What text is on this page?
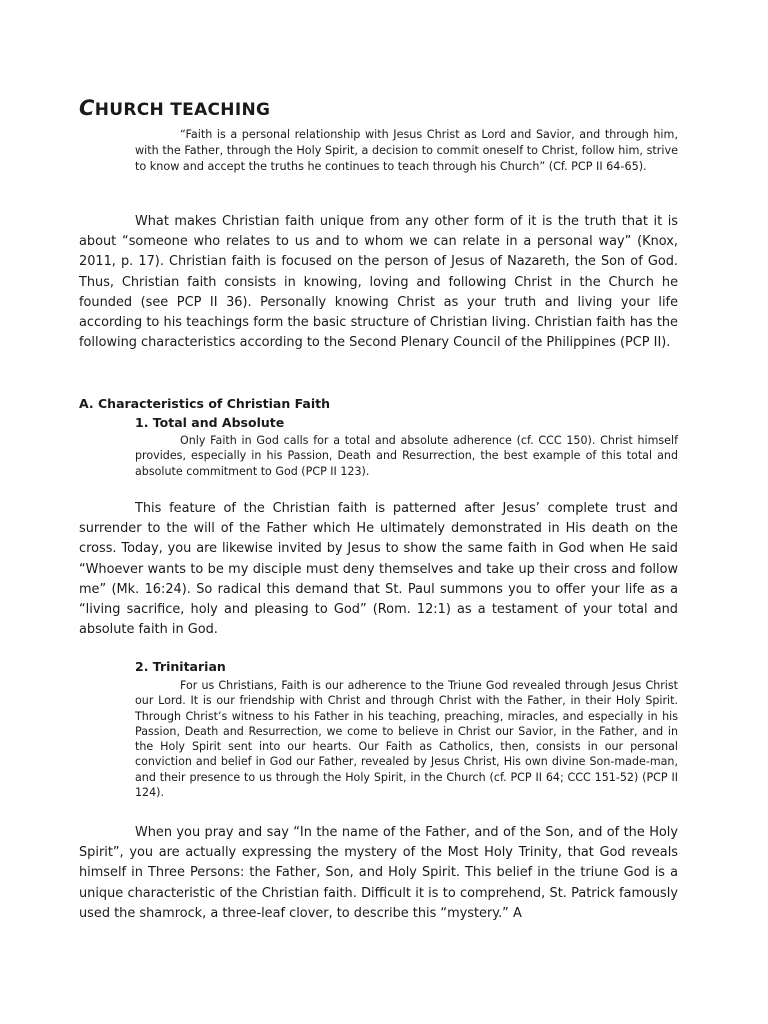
CHURCH TEACHING

“Faith is a personal relationship with Jesus Christ as Lord and Savior, and through him, with the Father, through the Holy Spirit, a decision to commit oneself to Christ, follow him, strive to know and accept the truths he continues to teach through his Church” (Cf. PCP II 64-65).

What makes Christian faith unique from any other form of it is the truth that it is about “someone who relates to us and to whom we can relate in a personal way” (Knox, 2011, p. 17). Christian faith is focused on the person of Jesus of Nazareth, the Son of God. Thus, Christian faith consists in knowing, loving and following Christ in the Church he founded (see PCP II 36). Personally knowing Christ as your truth and living your life according to his teachings form the basic structure of Christian living. Christian faith has the following characteristics according to the Second Plenary Council of the Philippines (PCP II).

A. Characteristics of Christian Faith
1. Total and Absolute

Only Faith in God calls for a total and absolute adherence (cf. CCC 150). Christ himself provides, especially in his Passion, Death and Resurrection, the best example of this total and absolute commitment to God (PCP II 123).

This feature of the Christian faith is patterned after Jesus’ complete trust and surrender to the will of the Father which He ultimately demonstrated in His death on the cross. Today, you are likewise invited by Jesus to show the same faith in God when He said “Whoever wants to be my disciple must deny themselves and take up their cross and follow me” (Mk. 16:24). So radical this demand that St. Paul summons you to offer your life as a “living sacrifice, holy and pleasing to God” (Rom. 12:1) as a testament of your total and absolute faith in God.

2. Trinitarian

For us Christians, Faith is our adherence to the Triune God revealed through Jesus Christ our Lord. It is our friendship with Christ and through Christ with the Father, in their Holy Spirit. Through Christ’s witness to his Father in his teaching, preaching, miracles, and especially in his Passion, Death and Resurrection, we come to believe in Christ our Savior, in the Father, and in the Holy Spirit sent into our hearts. Our Faith as Catholics, then, consists in our personal conviction and belief in God our Father, revealed by Jesus Christ, His own divine Son-made-man, and their presence to us through the Holy Spirit, in the Church (cf. PCP II 64; CCC 151-52) (PCP II 124).

When you pray and say “In the name of the Father, and of the Son, and of the Holy Spirit”, you are actually expressing the mystery of the Most Holy Trinity, that God reveals himself in Three Persons: the Father, Son, and Holy Spirit. This belief in the triune God is a unique characteristic of the Christian faith. Difficult it is to comprehend, St. Patrick famously used the shamrock, a three-leaf clover, to describe this “mystery.” A
